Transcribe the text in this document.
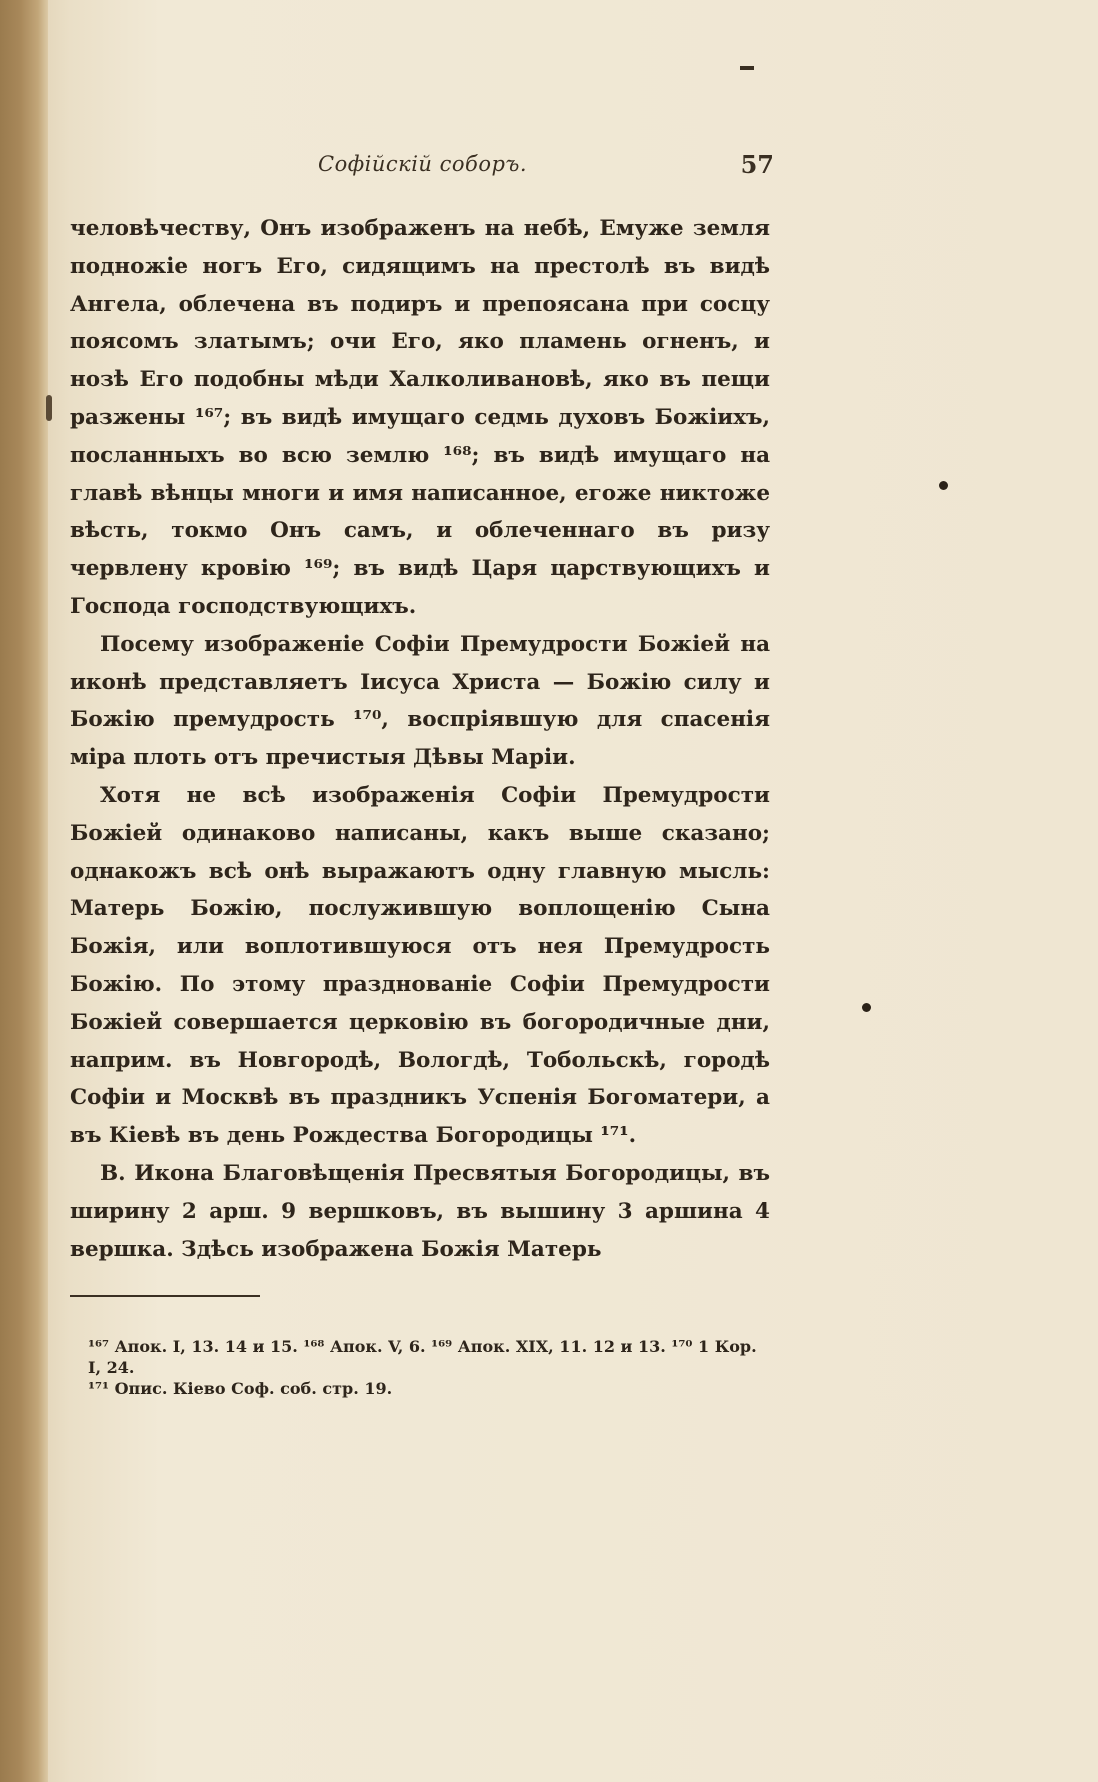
Софійскій соборъ.	57

человѣчеству, Онъ изображенъ на небѣ, Емуже земля подножіе ногъ Его, сидящимъ на престолѣ въ видѣ Ангела, облечена въ подиръ и препоясана при сосцу поясомъ златымъ; очи Его, яко пламень огненъ, и нозѣ Его подобны мѣди Халколивановѣ, яко въ пещи разжены ¹⁶⁷; въ видѣ имущаго седмь духовъ Божіихъ, посланныхъ во всю землю ¹⁶⁸; въ видѣ имущаго на главѣ вѣнцы многи и имя написанное, егоже никтоже вѣсть, токмо Онъ самъ, и облеченнаго въ ризу червлену кровію ¹⁶⁹; въ видѣ Царя царствующихъ и Господа господствующихъ.

Посему изображеніе Софіи Премудрости Божіей на иконѣ представляетъ Іисуса Христа — Божію силу и Божію премудрость ¹⁷⁰, воспріявшую для спасенія міра плоть отъ пречистыя Дѣвы Маріи.

Хотя не всѣ изображенія Софіи Премудрости Божіей одинаково написаны, какъ выше сказано; однакожъ всѣ онѣ выражаютъ одну главную мысль: Матерь Божію, послужившую воплощенію Сына Божія, или воплотившуюся отъ нея Премудрость Божію. По этому празднованіе Софіи Премудрости Божіей совершается церковію въ богородичные дни, наприм. въ Новгородѣ, Вологдѣ, Тобольскѣ, городѣ Софіи и Москвѣ въ праздникъ Успенія Богоматери, а въ Кіевѣ въ день Рождества Богородицы ¹⁷¹.

В. Икона Благовѣщенія Пресвятыя Богородицы, въ ширину 2 арш. 9 вершковъ, въ вышину 3 аршина 4 вершка. Здѣсь изображена Божія Матерь

¹⁶⁷ Апок. I, 13. 14 и 15. ¹⁶⁸ Апок. V, 6. ¹⁶⁹ Апок. XIX, 11. 12 и 13. ¹⁷⁰ 1 Кор. I, 24.

¹⁷¹ Опис. Кіево Соф. соб. стр. 19.
